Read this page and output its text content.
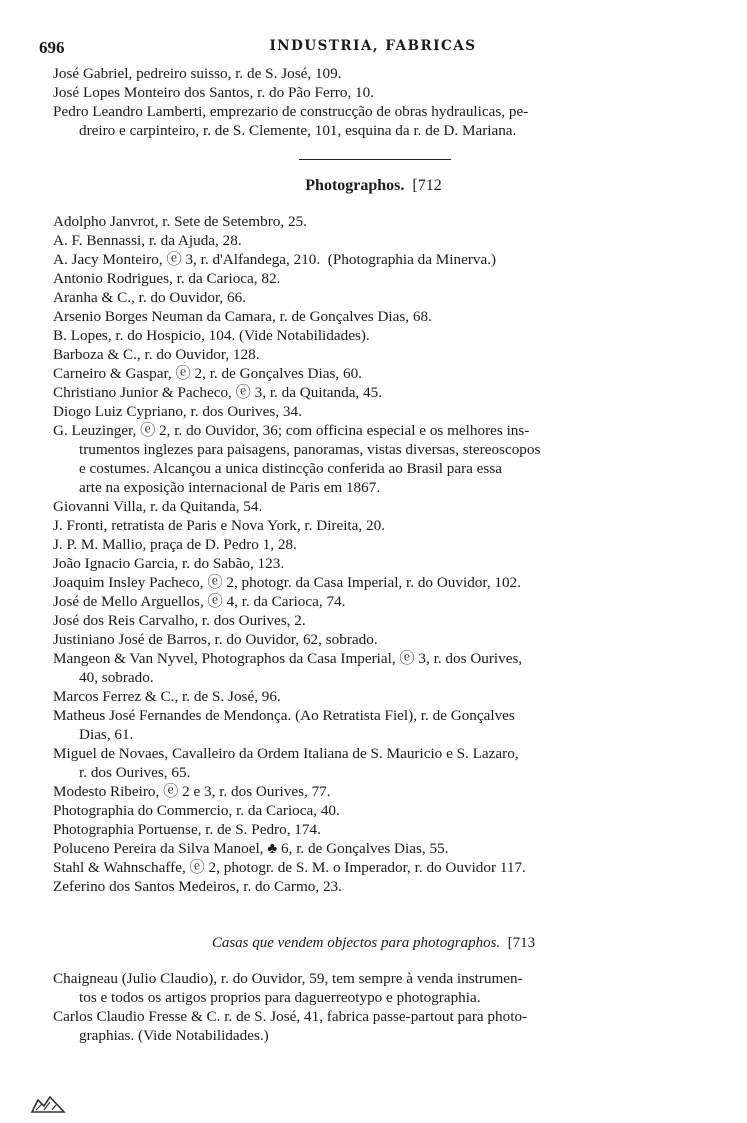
696	INDUSTRIA, FABRICAS
José Gabriel, pedreiro suisso, r. de S. José, 109.
José Lopes Monteiro dos Santos, r. do Pão Ferro, 10.
Pedro Leandro Lamberti, emprezario de construcção de obras hydraulicas, pe-
dreiro e carpinteiro, r. de S. Clemente, 101, esquina da r. de D. Mariana.
Photographos. [712
Adolpho Janvrot, r. Sete de Setembro, 25.
A. F. Bennassi, r. da Ajuda, 28.
A. Jacy Monteiro, ⓔ 3, r. d'Alfandega, 210.  (Photographia da Minerva.)
Antonio Rodrigues, r. da Carioca, 82.
Aranha & C., r. do Ouvidor, 66.
Arsenio Borges Neuman da Camara, r. de Gonçalves Dias, 68.
B. Lopes, r. do Hospicio, 104. (Vide Notabilidades).
Barboza & C., r. do Ouvidor, 128.
Carneiro & Gaspar, ⓔ 2, r. de Gonçalves Dias, 60.
Christiano Junior & Pacheco, ⓔ 3, r. da Quitanda, 45.
Diogo Luiz Cypriano, r. dos Ourives, 34.
G. Leuzinger, ⓔ 2, r. do Ouvidor, 36; com officina especial e os melhores ins-
trumentos inglezes para paisagens, panoramas, vistas diversas, stereoscopos
e costumes. Alcançou a unica distincção conferida ao Brasil para essa
arte na exposição internacional de Paris em 1867.
Giovanni Villa, r. da Quitanda, 54.
J. Fronti, retratista de Paris e Nova York, r. Direita, 20.
J. P. M. Mallio, praça de D. Pedro 1, 28.
João Ignacio Garcia, r. do Sabão, 123.
Joaquim Insley Pacheco, ⓔ 2, photogr. da Casa Imperial, r. do Ouvidor, 102.
José de Mello Arguellos, ⓔ 4, r. da Carioca, 74.
José dos Reis Carvalho, r. dos Ourives, 2.
Justiniano José de Barros, r. do Ouvidor, 62, sobrado.
Mangeon & Van Nyvel, Photographos da Casa Imperial, ⓔ 3, r. dos Ourives,
40, sobrado.
Marcos Ferrez & C., r. de S. José, 96.
Matheus José Fernandes de Mendonça. (Ao Retratista Fiel), r. de Gonçalves
Dias, 61.
Miguel de Novaes, Cavalleiro da Ordem Italiana de S. Mauricio e S. Lazaro,
r. dos Ourives, 65.
Modesto Ribeiro, ⓔ 2 e 3, r. dos Ourives, 77.
Photographia do Commercio, r. da Carioca, 40.
Photographia Portuense, r. de S. Pedro, 174.
Poluceno Pereira da Silva Manoel, ♣ 6, r. de Gonçalves Dias, 55.
Stahl & Wahnschaffe, ⓔ 2, photogr. de S. M. o Imperador, r. do Ouvidor 117.
Zeferino dos Santos Medeiros, r. do Carmo, 23.
Casas que vendem objectos para photographos. [713
Chaigneau (Julio Claudio), r. do Ouvidor, 59, tem sempre à venda instrumen-
tos e todos os artigos proprios para daguerreotypo e photographia.
Carlos Claudio Fresse & C. r. de S. José, 41, fabrica passe-partout para photo-
graphias. (Vide Notabilidades.)
